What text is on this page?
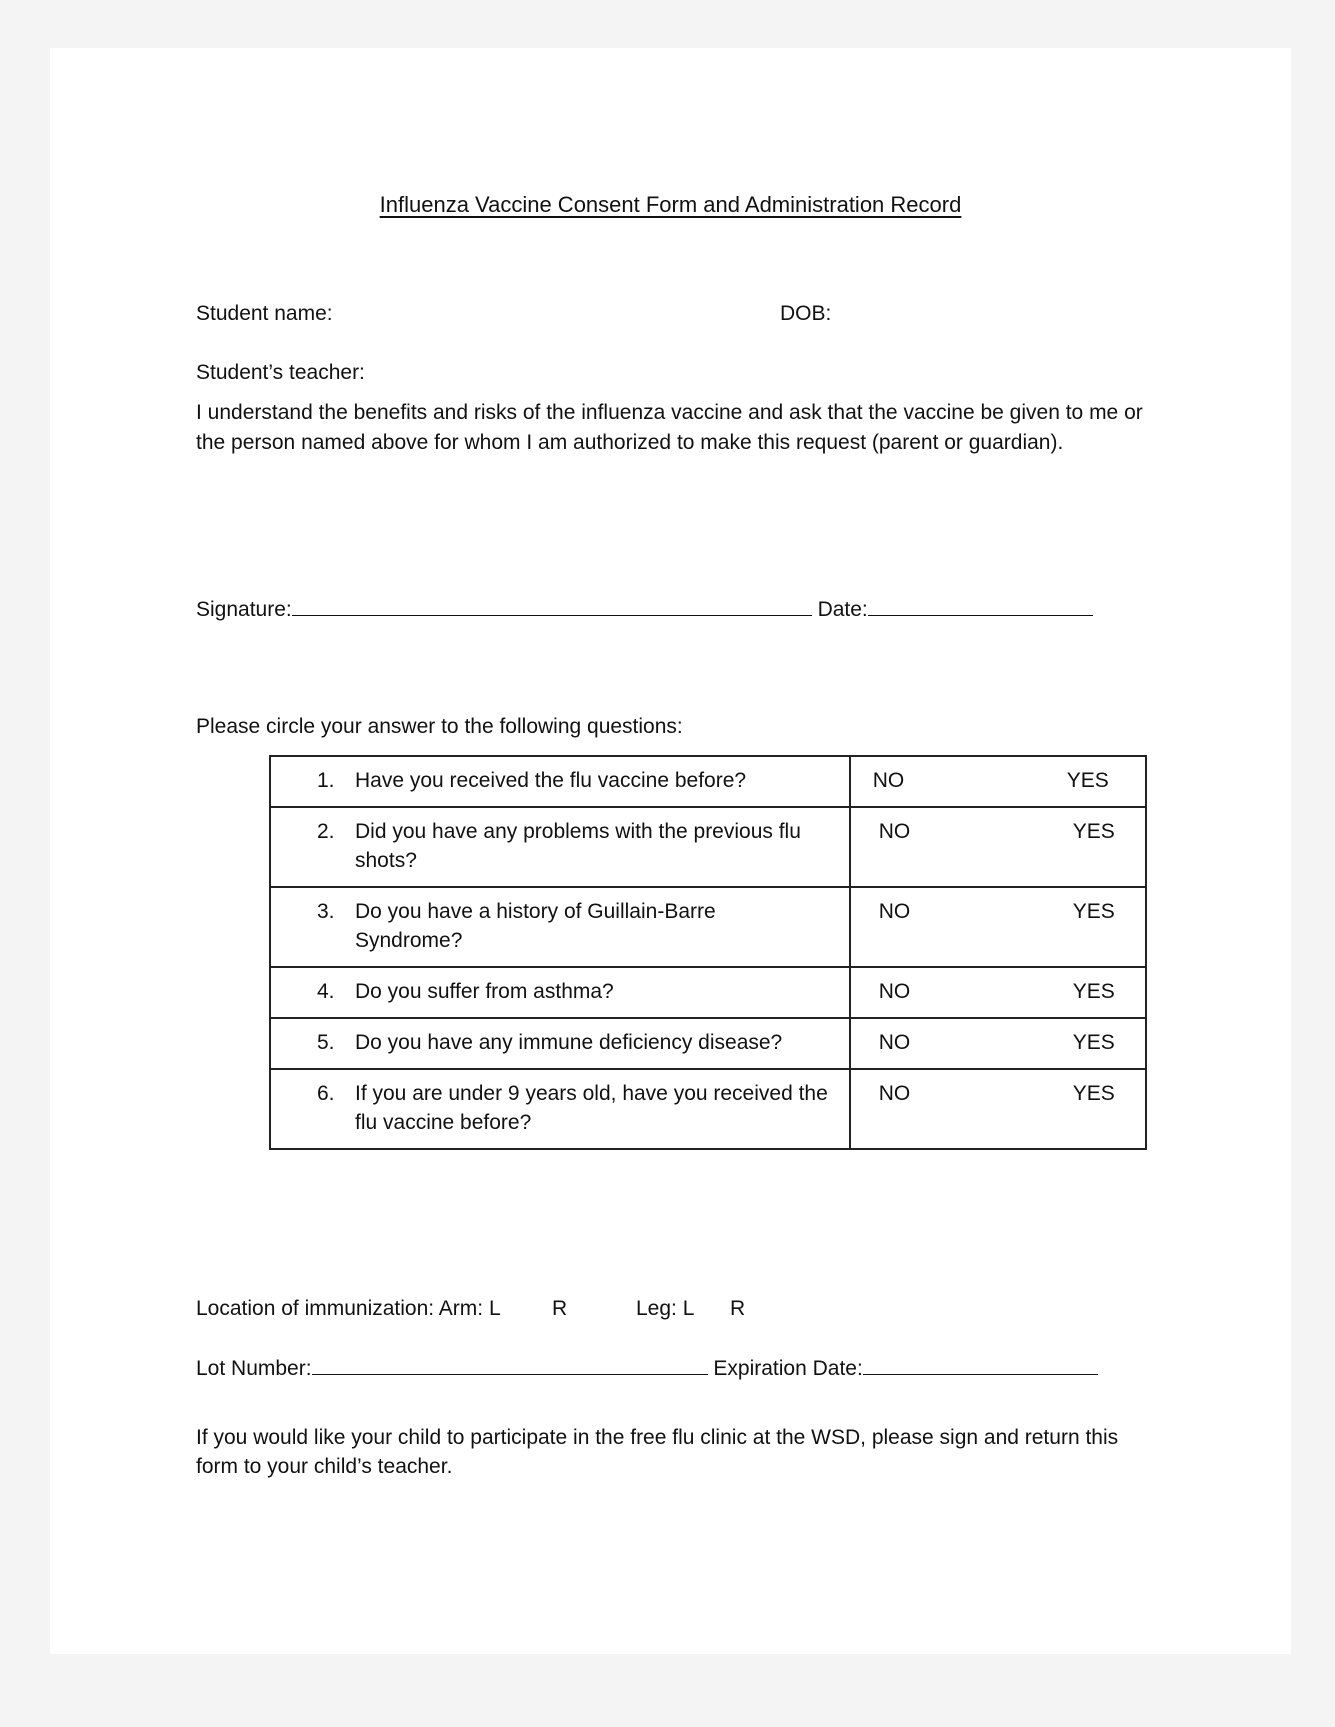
Influenza Vaccine Consent Form and Administration Record
Student name:	DOB:
Student’s teacher:
I understand the benefits and risks of the influenza vaccine and ask that the vaccine be given to me or the person named above for whom I am authorized to make this request (parent or guardian).
Signature:	Date:
Please circle your answer to the following questions:
1. Have you received the flu vaccine before?	NO YES

2. Did you have any problems with the previous flu shots?	NO YES

3. Do you have a history of Guillain-Barre Syndrome?	NO YES

4. Do you suffer from asthma?	NO YES

5. Do you have any immune deficiency disease?	NO YES

6. If you are under 9 years old, have you received the flu vaccine before?	NO YES
Location of immunization: Arm: L R	Leg: L R
Lot Number:	Expiration Date:
If you would like your child to participate in the free flu clinic at the WSD, please sign and return this form to your child’s teacher.
